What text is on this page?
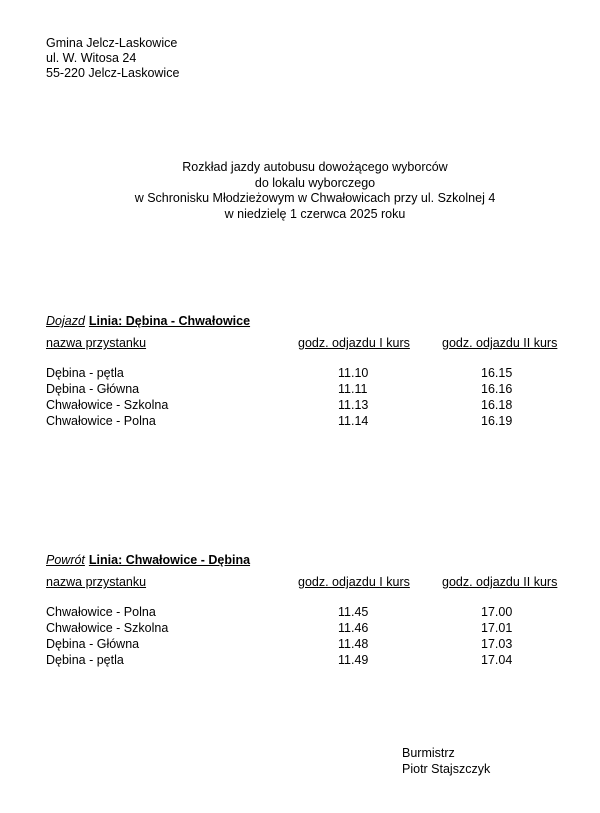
Gmina Jelcz-Laskowice
ul. W. Witosa 24
55-220 Jelcz-Laskowice
Rozkład jazdy autobusu dowożącego wyborców
do lokalu wyborczego
w Schronisku Młodzieżowym w Chwałowicach przy ul. Szkolnej 4
w niedzielę 1 czerwca 2025 roku
Dojazd Linia: Dębina - Chwałowice
nazwa przystanku	godz. odjazdu I kurs	godz. odjazdu II kurs
Dębina - pętla	11.10	16.15
Dębina - Główna	11.11	16.16
Chwałowice - Szkolna	11.13	16.18
Chwałowice - Polna	11.14	16.19
Powrót Linia: Chwałowice - Dębina
nazwa przystanku	godz. odjazdu I kurs	godz. odjazdu II kurs
Chwałowice - Polna	11.45	17.00
Chwałowice - Szkolna	11.46	17.01
Dębina - Główna	11.48	17.03
Dębina - pętla	11.49	17.04
Burmistrz
Piotr Stajszczyk
